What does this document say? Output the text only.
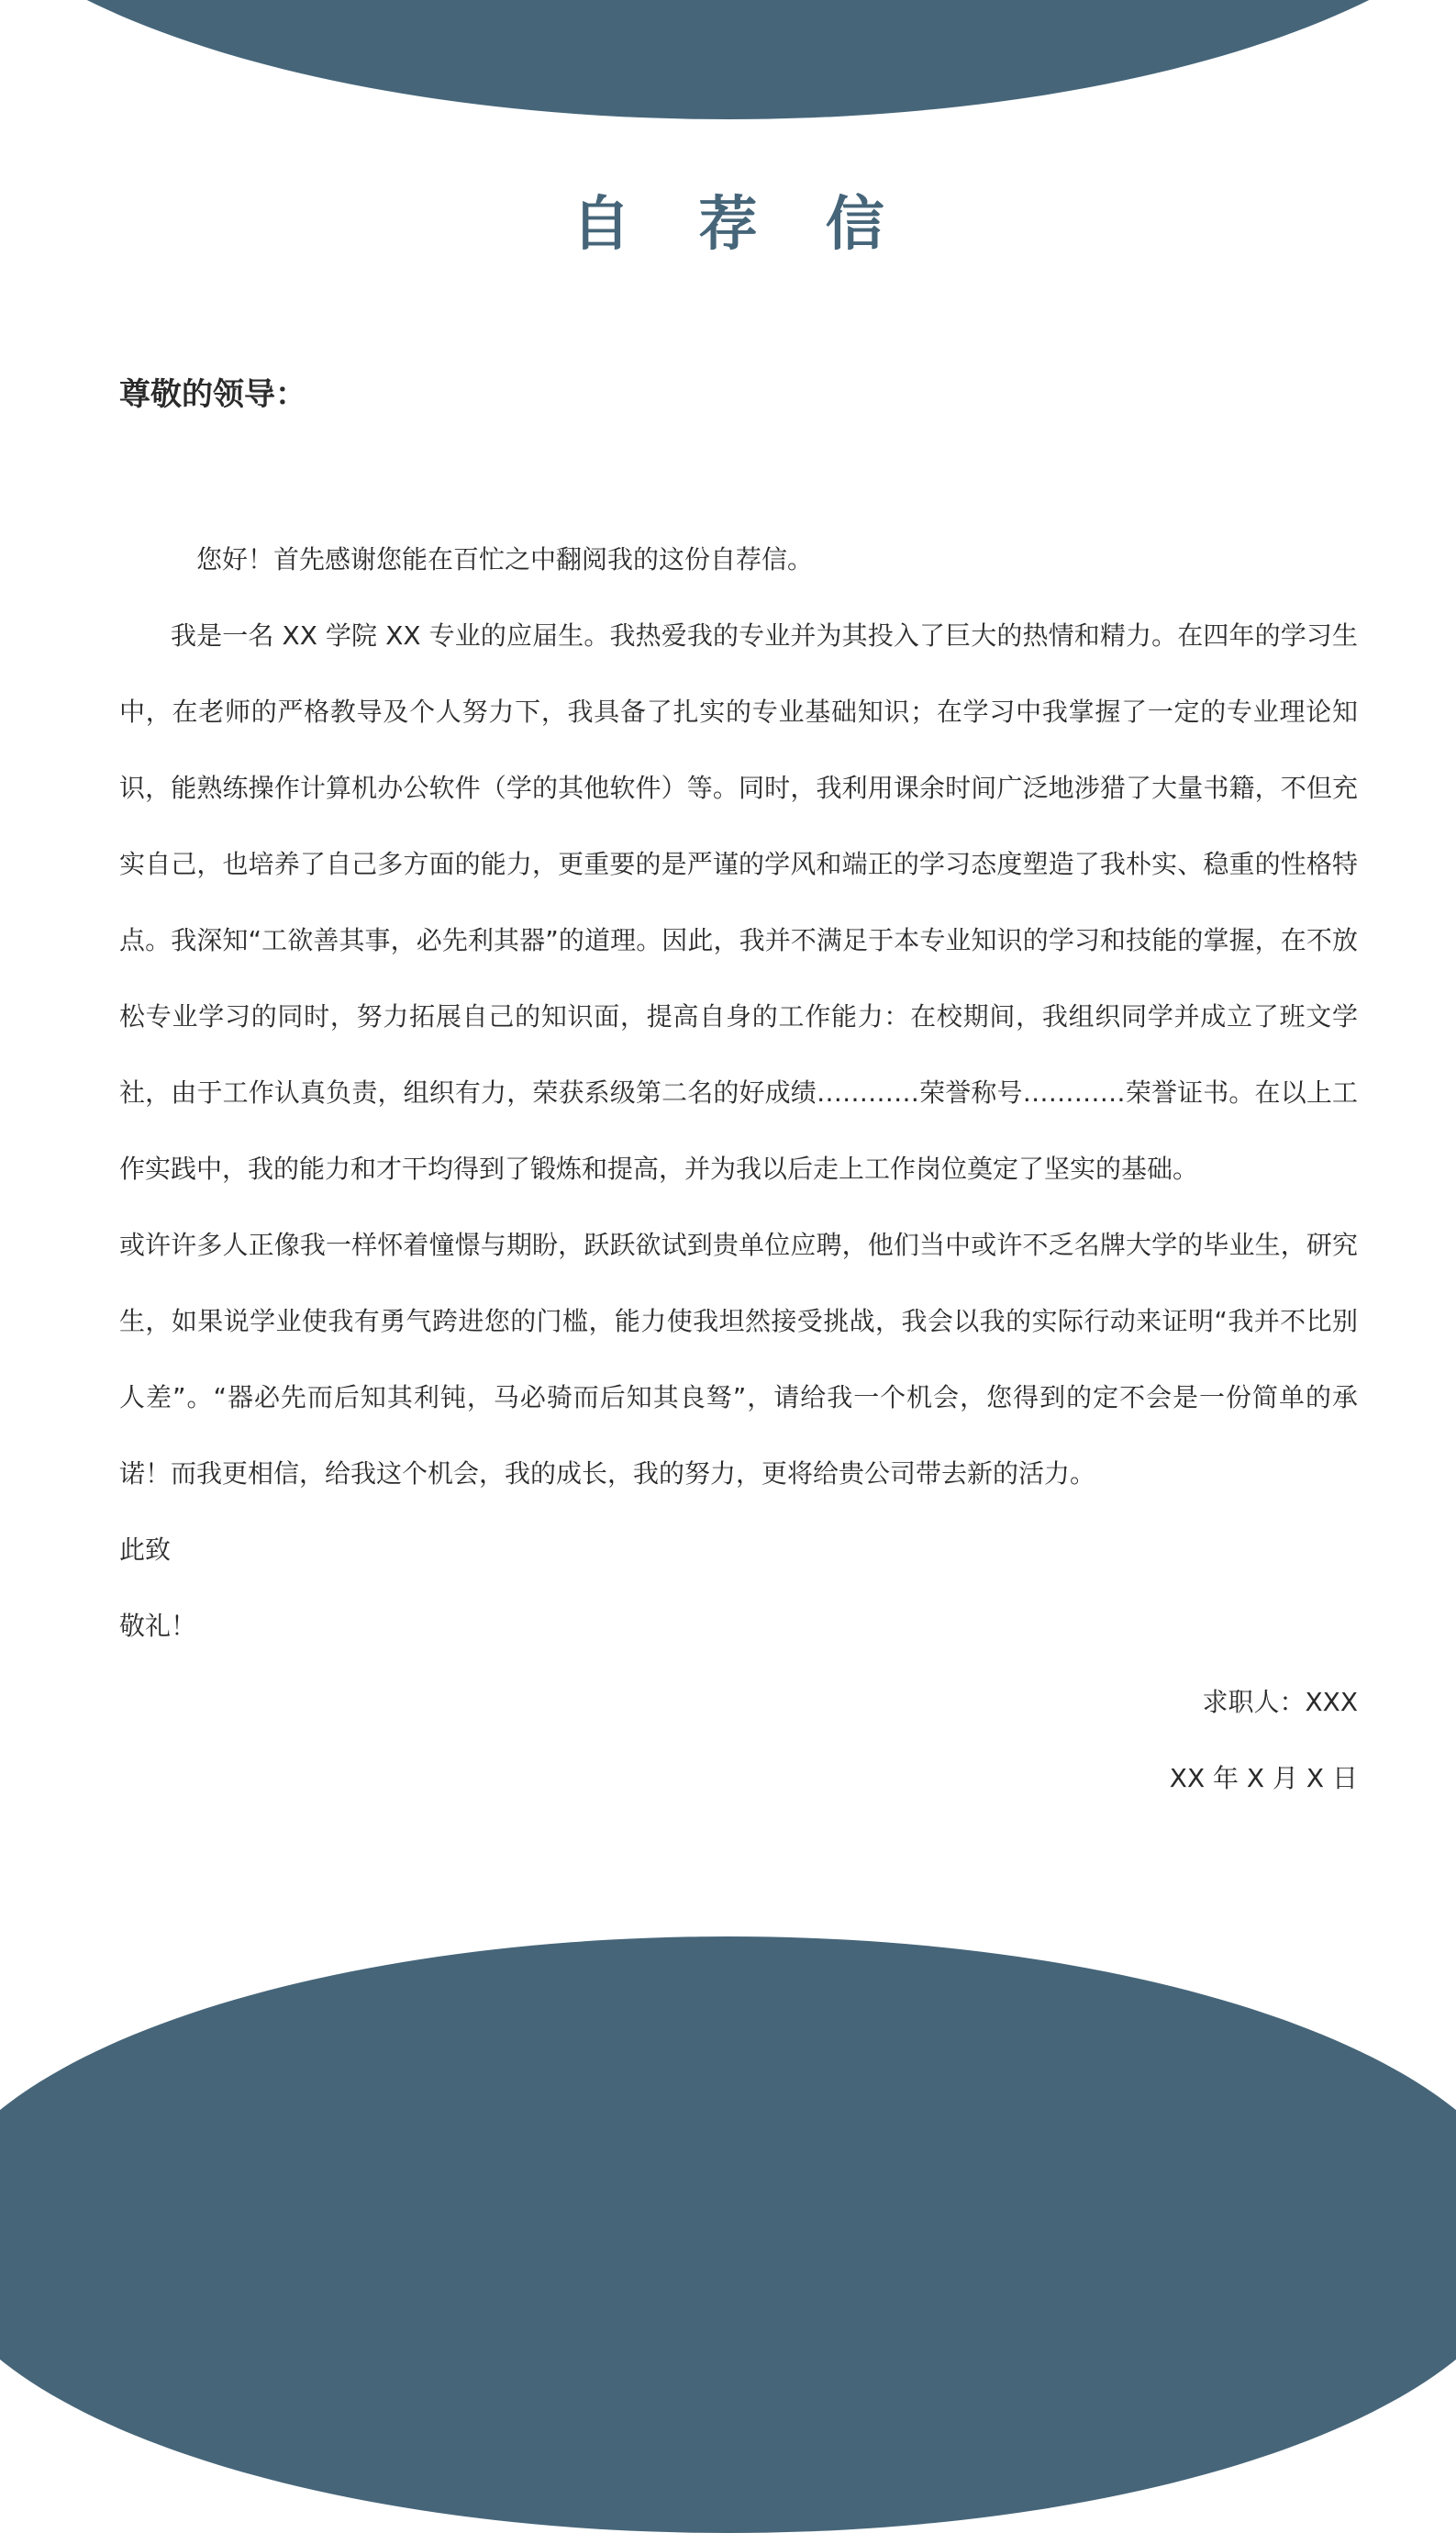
自 荐 信
尊敬的领导：

您好！首先感谢您能在百忙之中翻阅我的这份自荐信。

我是一名 XX 学院 XX 专业的应届生。我热爱我的专业并为其投入了巨大的热情和精力。在四年的学习生中，在老师的严格教导及个人努力下，我具备了扎实的专业基础知识；在学习中我掌握了一定的专业理论知识，能熟练操作计算机办公软件（学的其他软件）等。同时，我利用课余时间广泛地涉猎了大量书籍，不但充实自己，也培养了自己多方面的能力，更重要的是严谨的学风和端正的学习态度塑造了我朴实、稳重的性格特点。我深知“工欲善其事，必先利其器”的道理。因此，我并不满足于本专业知识的学习和技能的掌握，在不放松专业学习的同时，努力拓展自己的知识面，提高自身的工作能力：在校期间，我组织同学并成立了班文学社，由于工作认真负责，组织有力，荣获系级第二名的好成绩…………荣誉称号…………荣誉证书。在以上工作实践中，我的能力和才干均得到了锻炼和提高，并为我以后走上工作岗位奠定了坚实的基础。

或许许多人正像我一样怀着憧憬与期盼，跃跃欲试到贵单位应聘，他们当中或许不乏名牌大学的毕业生，研究生，如果说学业使我有勇气跨进您的门槛，能力使我坦然接受挑战，我会以我的实际行动来证明“我并不比别人差”。“器必先而后知其利钝，马必骑而后知其良驽”，请给我一个机会，您得到的定不会是一份简单的承诺！而我更相信，给我这个机会，我的成长，我的努力，更将给贵公司带去新的活力。

此致

敬礼！

求职人：XXX

XX 年 X 月 X 日
